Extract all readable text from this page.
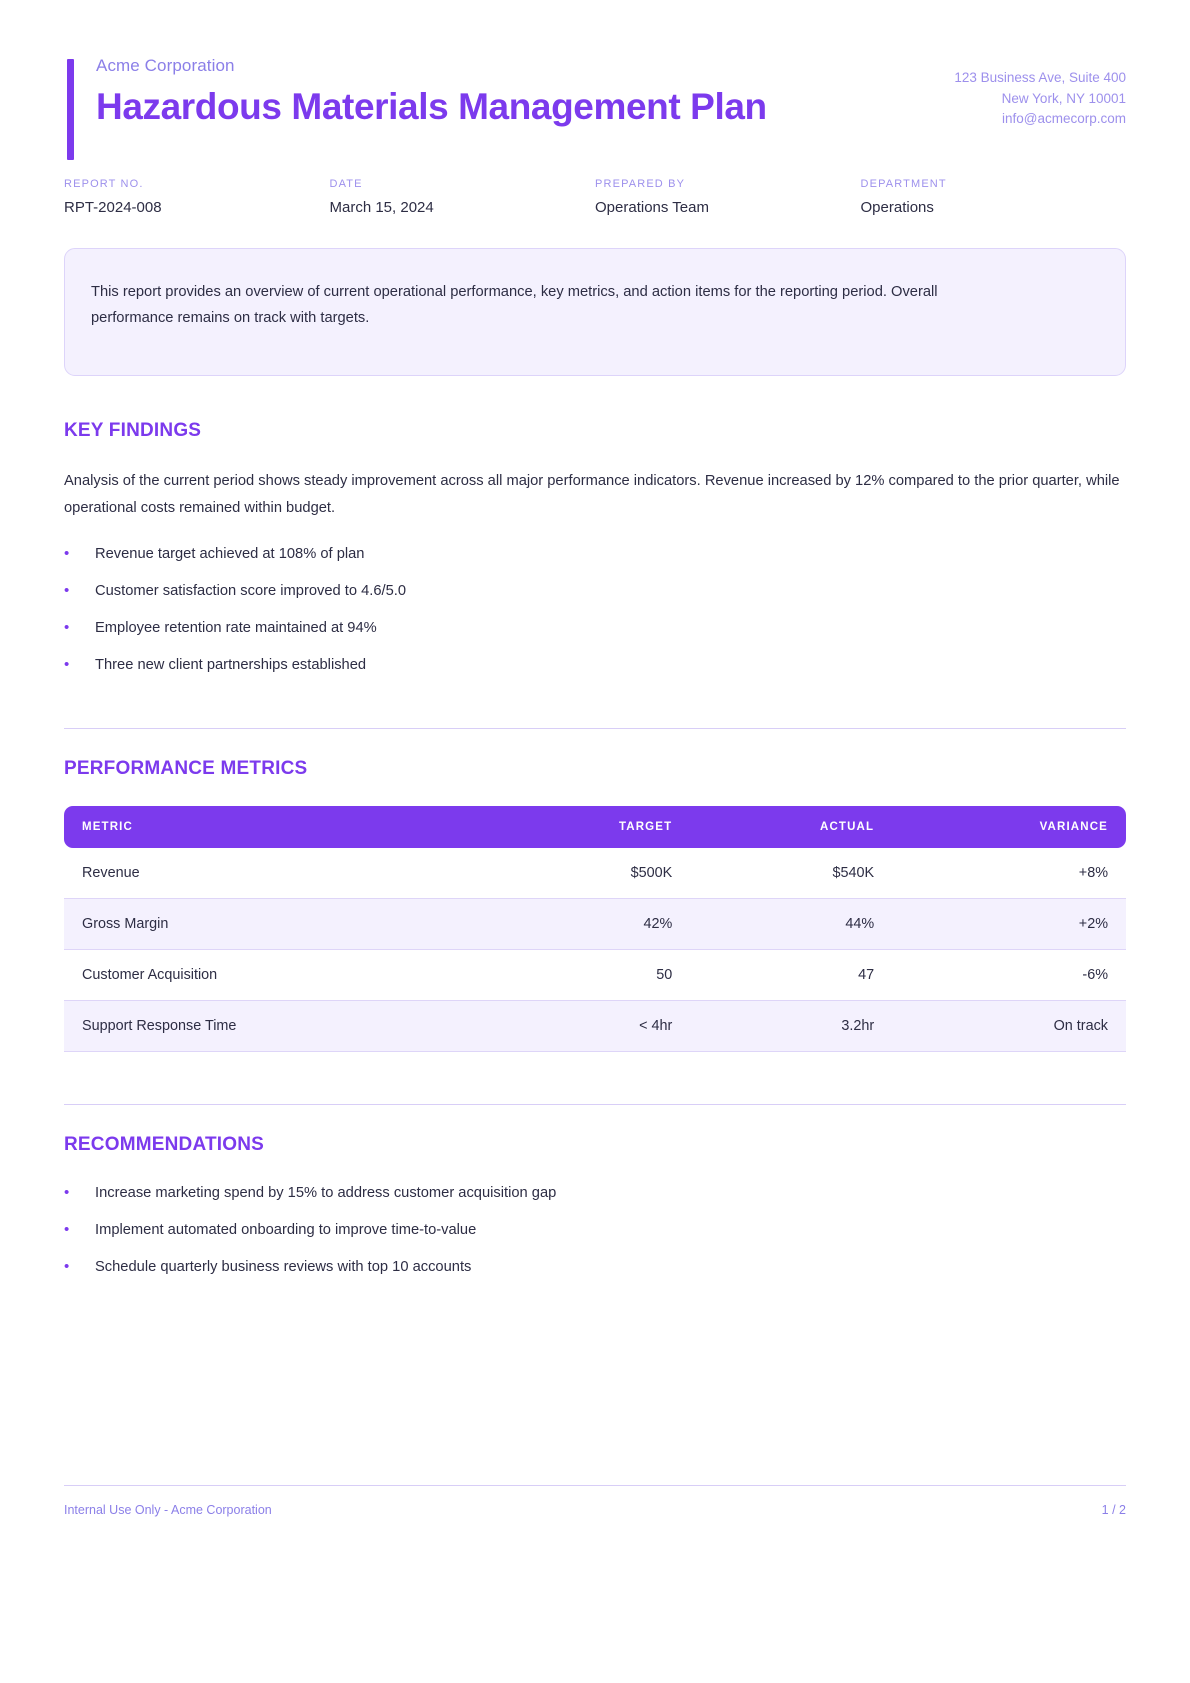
Acme Corporation
Hazardous Materials Management Plan
123 Business Ave, Suite 400
New York, NY 10001
info@acmecorp.com
REPORT NO.
RPT-2024-008
DATE
March 15, 2024
PREPARED BY
Operations Team
DEPARTMENT
Operations
This report provides an overview of current operational performance, key metrics, and action items for the reporting period. Overall performance remains on track with targets.
KEY FINDINGS

Analysis of the current period shows steady improvement across all major performance indicators. Revenue increased by 12% compared to the prior quarter, while operational costs remained within budget.

•	Revenue target achieved at 108% of plan
•	Customer satisfaction score improved to 4.6/5.0
•	Employee retention rate maintained at 94%
•	Three new client partnerships established
PERFORMANCE METRICS
METRIC	TARGET	ACTUAL	VARIANCE
Revenue	$500K	$540K	+8%
Gross Margin	42%	44%	+2%
Customer Acquisition	50	47	-6%
Support Response Time	< 4hr	3.2hr	On track
RECOMMENDATIONS
•	Increase marketing spend by 15% to address customer acquisition gap
•	Implement automated onboarding to improve time-to-value
•	Schedule quarterly business reviews with top 10 accounts
Internal Use Only - Acme Corporation	1 / 2
